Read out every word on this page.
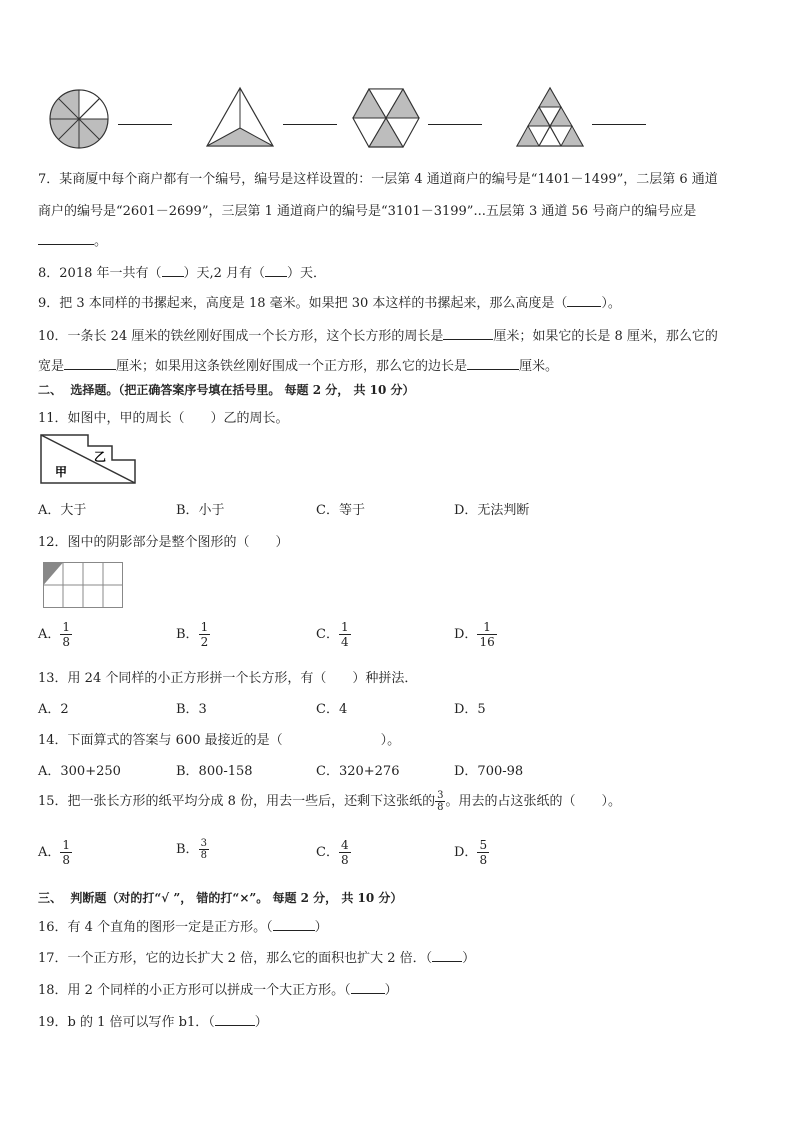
7．某商厦中每个商户都有一个编号，编号是这样设置的：一层第 4 通道商户的编号是“1401－1499”，二层第 6 通道
商户的编号是“2601－2699”，三层第 1 通道商户的编号是“3101－3199”...五层第 3 通道 56 号商户的编号应是
。
8．2018 年一共有（ ）天,2 月有（ ）天．
9．把 3 本同样的书摞起来，高度是 18 毫米。如果把 30 本这样的书摞起来，那么高度是（	）。
10．一条长 24 厘米的铁丝刚好围成一个长方形，这个长方形的周长是	厘米；如果它的长是 8 厘米，那么它的
宽是	厘米；如果用这条铁丝刚好围成一个正方形，那么它的边长是	厘米。
二、 选择题。（把正确答案序号填在括号里。 每题 2 分， 共 10 分）
11．如图中，甲的周长（　　）乙的周长。
甲
乙
A．大于	B．小于	C．等于	D．无法判断
12．图中的阴影部分是整个图形的（　　）
A． $\frac{1}{8}$	B． $\frac{1}{2}$	C． $\frac{1}{4}$	D． $\frac{1}{16}$
13．用 24 个同样的小正方形拼一个长方形，有（　　）种拼法．
A．2	B．3	C．4	D．5
14．下面算式的答案与 600 最接近的是（	）。
A．300+250	B．800-158	C．320+276	D．700-98
15．把一张长方形的纸平均分成 8 份，用去一些后，还剩下这张纸的 $\frac{3}{8}$ 。用去的占这张纸的（　　）。
A． $\frac{1}{8}$	B． $\frac{3}{8}$	C． $\frac{4}{8}$	D． $\frac{5}{8}$
三、 判断题（对的打“√ ”， 错的打“×”。 每题 2 分， 共 10 分）
16．有 4 个直角的图形一定是正方形。（	）
17．一个正方形，它的边长扩大 2 倍，那么它的面积也扩大 2 倍．（ ）
18．用 2 个同样的小正方形可以拼成一个大正方形。（	）
19．b 的 1 倍可以写作 b1．（	）
